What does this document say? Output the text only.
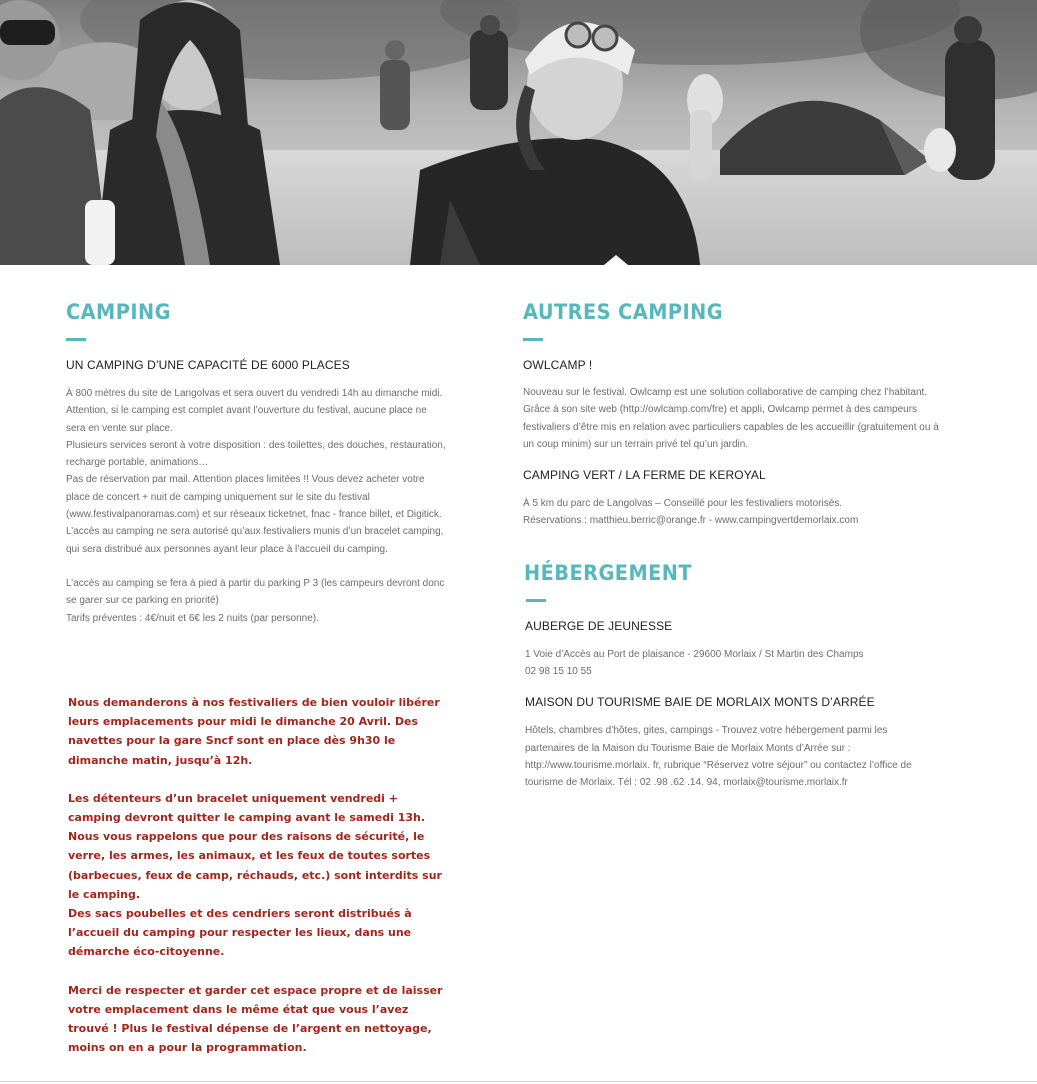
CAMPING
UN CAMPING D’UNE CAPACITÉ DE 6000 PLACES

À 800 mètres du site de Langolvas et sera ouvert du vendredi 14h au dimanche midi. Attention, si le camping est complet avant l’ouverture du festival, aucune place ne sera en vente sur place.

Plusieurs services seront à votre disposition : des toilettes, des douches, restauration, recharge portable, animations…

Pas de réservation par mail. Attention places limitées !! Vous devez acheter votre place de concert + nuit de camping uniquement sur le site du festival (www.festivalpanoramas.com) et sur réseaux ticketnet, fnac - france billet, et Digitick.

L’accès au camping ne sera autorisé qu’aux festivaliers munis d’un bracelet camping, qui sera distribué aux personnes ayant leur place à l’accueil du camping.

L’accès au camping se fera à pied à partir du parking P 3 (les campeurs devront donc se garer sur ce parking en priorité)

Tarifs préventes : 4€/nuit et 6€ les 2 nuits (par personne).

Nous demanderons à nos festivaliers de bien vouloir libérer leurs emplacements pour midi le dimanche 20 Avril. Des navettes pour la gare Sncf sont en place dès 9h30 le dimanche matin, jusqu’à 12h.

Les détenteurs d’un bracelet uniquement vendredi + camping devront quitter le camping avant le samedi 13h.

Nous vous rappelons que pour des raisons de sécurité, le verre, les armes, les animaux, et les feux de toutes sortes (barbecues, feux de camp, réchauds, etc.) sont interdits sur le camping.

Des sacs poubelles et des cendriers seront distribués à l’accueil du camping pour respecter les lieux, dans une démarche éco-citoyenne.

Merci de respecter et garder cet espace propre et de laisser votre emplacement dans le même état que vous l’avez trouvé ! Plus le festival dépense de l’argent en nettoyage, moins on en a pour la programmation.

AUTRES CAMPING
OWLCAMP !

Nouveau sur le festival. Owlcamp est une solution collaborative de camping chez l’habitant. Grâce à son site web (http://owlcamp.com/fre) et appli, Owlcamp permet à des campeurs festivaliers d’être mis en relation avec particuliers capables de les accueillir (gratuitement ou à un coup minim) sur un terrain privé tel qu’un jardin.

CAMPING VERT / LA FERME DE KEROYAL

À 5 km du parc de Langolvas – Conseillé pour les festivaliers motorisés.

Réservations : matthieu.berric@orange.fr - www.campingvertdemorlaix.com

HÉBERGEMENT
AUBERGE DE JEUNESSE

1 Voie d’Accès au Port de plaisance - 29600 Morlaix / St Martin des Champs

02 98 15 10 55

MAISON DU TOURISME BAIE DE MORLAIX MONTS D’ARRÉE

Hôtels, chambres d’hôtes, gites, campings - Trouvez votre hébergement parmi les partenaires de la Maison du Tourisme Baie de Morlaix Monts d’Arrée sur : http://www.tourisme.morlaix. fr, rubrique “Réservez votre séjour” ou contactez l’office de tourisme de Morlaix. Tél : 02 .98 .62 .14. 94, morlaix@tourisme.morlaix.fr
